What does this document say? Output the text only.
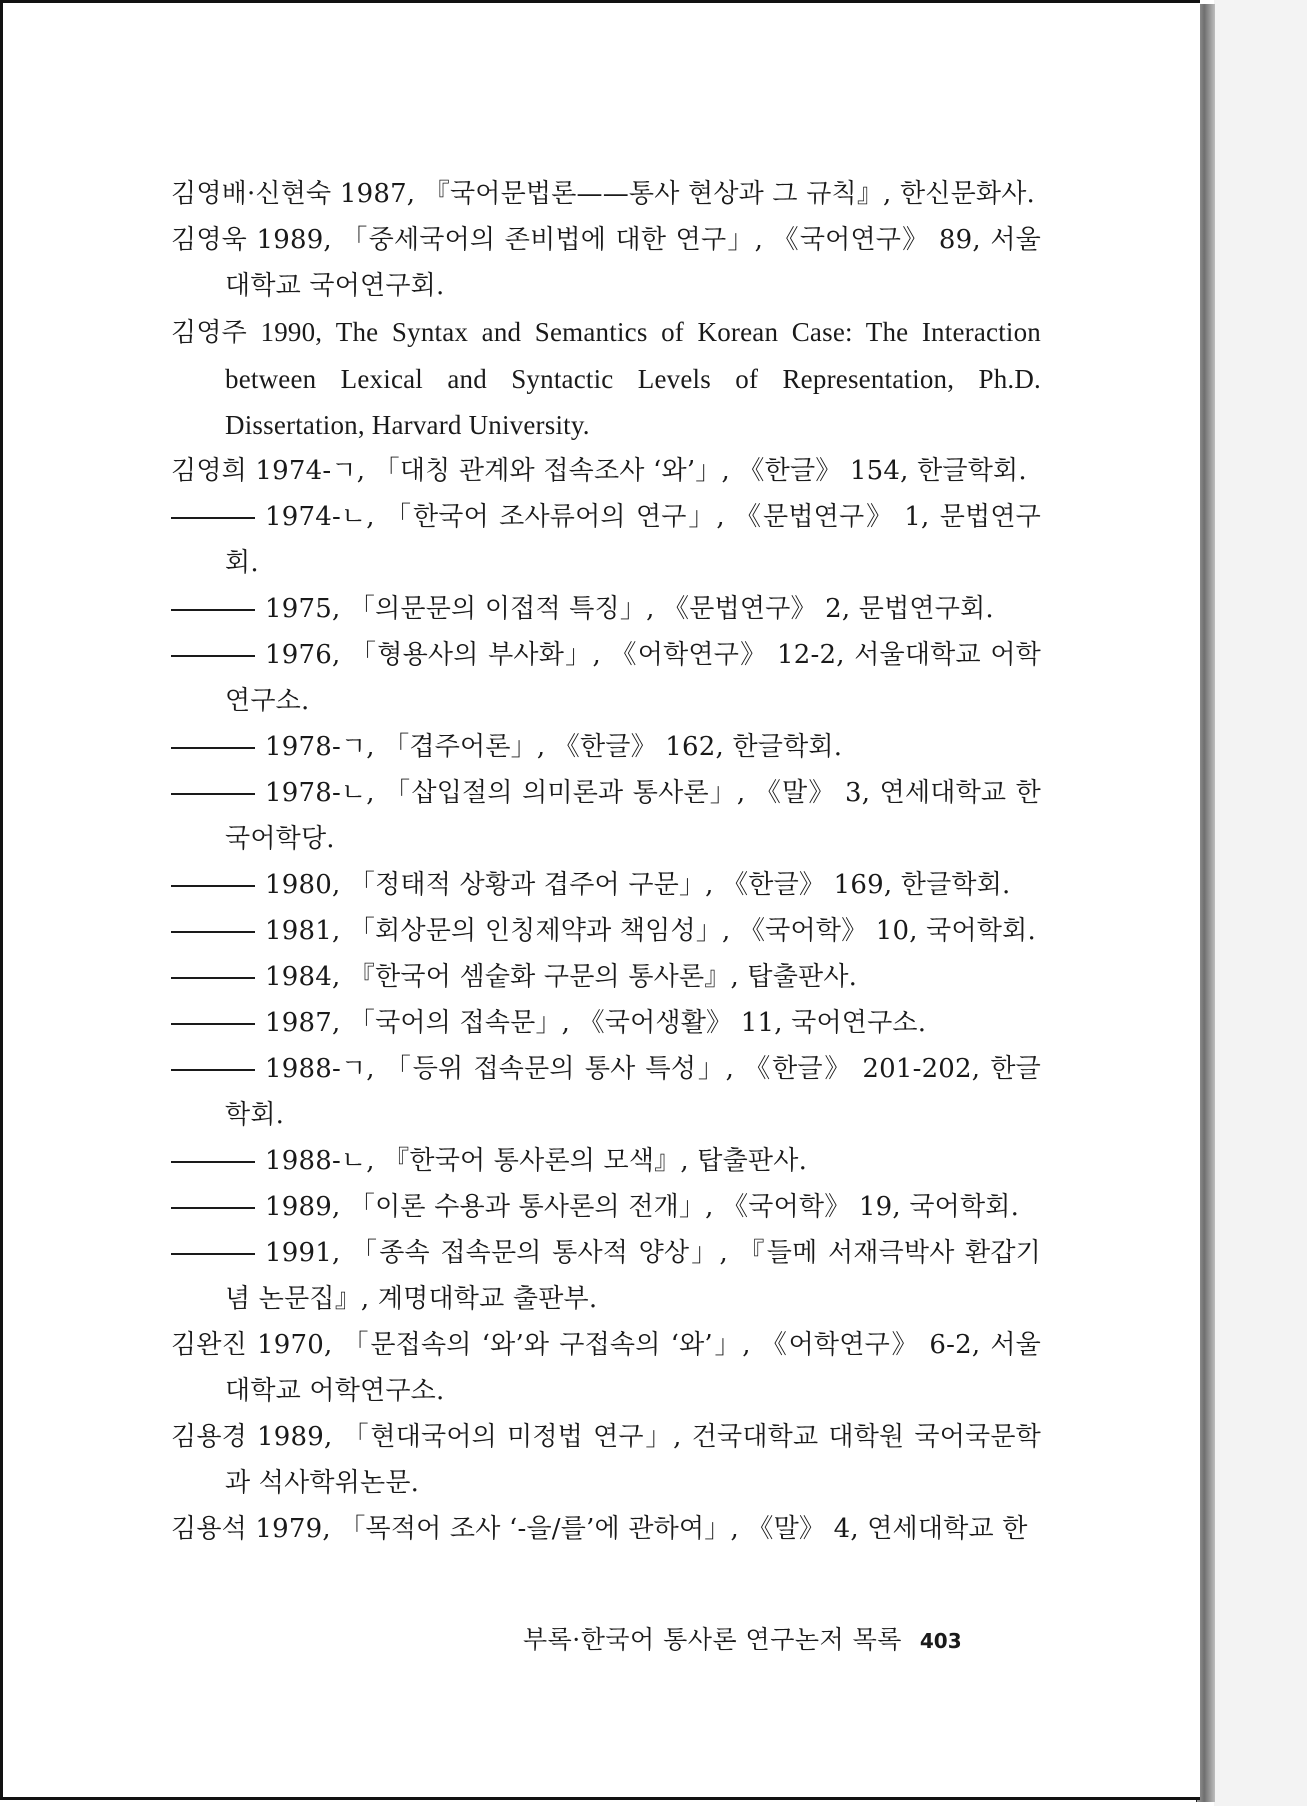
김영배·신현숙 1987, 『국어문법론——통사 현상과 그 규칙』, 한신문화사.

김영욱 1989, 「중세국어의 존비법에 대한 연구」, 《국어연구》 89, 서울대학교 국어연구회.

김영주 1990, The Syntax and Semantics of Korean Case: The Interaction between Lexical and Syntactic Levels of Representation, Ph.D. Dissertation, Harvard University.

김영희 1974-ㄱ, 「대칭 관계와 접속조사 ‘와’」, 《한글》 154, 한글학회.

1974-ㄴ, 「한국어 조사류어의 연구」, 《문법연구》 1, 문법연구회.

1975, 「의문문의 이접적 특징」, 《문법연구》 2, 문법연구회.

1976, 「형용사의 부사화」, 《어학연구》 12-2, 서울대학교 어학연구소.

1978-ㄱ, 「겹주어론」, 《한글》 162, 한글학회.

1978-ㄴ, 「삽입절의 의미론과 통사론」, 《말》 3, 연세대학교 한국어학당.

1980, 「정태적 상황과 겹주어 구문」, 《한글》 169, 한글학회.

1981, 「회상문의 인칭제약과 책임성」, 《국어학》 10, 국어학회.

1984, 『한국어 셈숱화 구문의 통사론』, 탑출판사.

1987, 「국어의 접속문」, 《국어생활》 11, 국어연구소.

1988-ㄱ, 「등위 접속문의 통사 특성」, 《한글》 201-202, 한글학회.

1988-ㄴ, 『한국어 통사론의 모색』, 탑출판사.

1989, 「이론 수용과 통사론의 전개」, 《국어학》 19, 국어학회.

1991, 「종속 접속문의 통사적 양상」, 『들메 서재극박사 환갑기념 논문집』, 계명대학교 출판부.

김완진 1970, 「문접속의 ‘와’와 구접속의 ‘와’」, 《어학연구》 6-2, 서울대학교 어학연구소.

김용경 1989, 「현대국어의 미정법 연구」, 건국대학교 대학원 국어국문학과 석사학위논문.

김용석 1979, 「목적어 조사 ‘-을/를’에 관하여」, 《말》 4, 연세대학교 한

부록·한국어 통사론 연구논저 목록 403
